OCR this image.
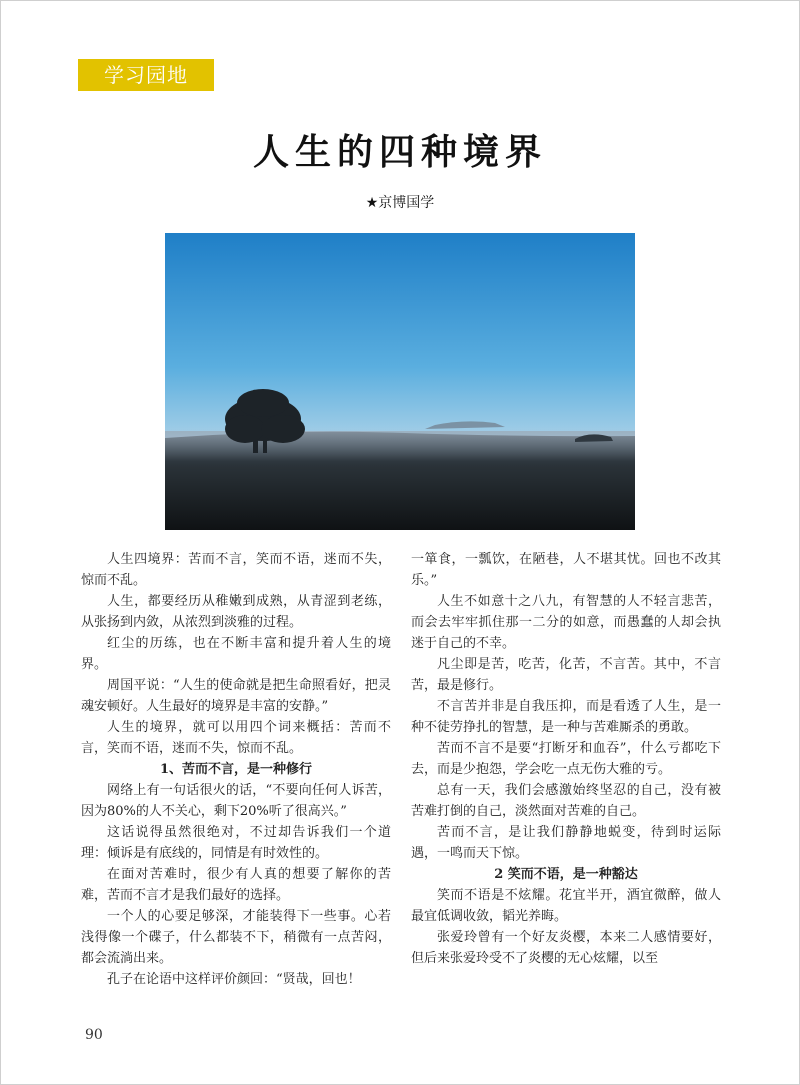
学习园地
人生的四种境界
★京博国学

人生四境界：苦而不言，笑而不语，迷而不失，惊而不乱。

人生，都要经历从稚嫩到成熟，从青涩到老练，从张扬到内敛，从浓烈到淡雅的过程。

红尘的历练，也在不断丰富和提升着人生的境界。

周国平说：“人生的使命就是把生命照看好，把灵魂安顿好。人生最好的境界是丰富的安静。”

人生的境界，就可以用四个词来概括：苦而不言，笑而不语，迷而不失，惊而不乱。

1、苦而不言，是一种修行

网络上有一句话很火的话，“不要向任何人诉苦，因为80%的人不关心，剩下20%听了很高兴。”

这话说得虽然很绝对，不过却告诉我们一个道理：倾诉是有底线的，同情是有时效性的。

在面对苦难时，很少有人真的想要了解你的苦难，苦而不言才是我们最好的选择。

一个人的心要足够深，才能装得下一些事。心若浅得像一个碟子，什么都装不下，稍微有一点苦闷，都会流淌出来。

孔子在论语中这样评价颜回：“贤哉，回也！

一箪食，一瓢饮，在陋巷，人不堪其忧。回也不改其乐。”

人生不如意十之八九，有智慧的人不轻言悲苦，而会去牢牢抓住那一二分的如意，而愚蠢的人却会执迷于自己的不幸。

凡尘即是苦，吃苦，化苦，不言苦。其中，不言苦，最是修行。

不言苦并非是自我压抑，而是看透了人生，是一种不徒劳挣扎的智慧，是一种与苦难厮杀的勇敢。

苦而不言不是要“打断牙和血吞”，什么亏都吃下去，而是少抱怨，学会吃一点无伤大雅的亏。

总有一天，我们会感激始终坚忍的自己，没有被苦难打倒的自己，淡然面对苦难的自己。

苦而不言，是让我们静静地蜕变，待到时运际遇，一鸣而天下惊。

2 笑而不语，是一种豁达

笑而不语是不炫耀。花宜半开，酒宜微醉，做人最宜低调收敛，韬光养晦。

张爱玲曾有一个好友炎樱，本来二人感情要好，但后来张爱玲受不了炎樱的无心炫耀，以至

90
